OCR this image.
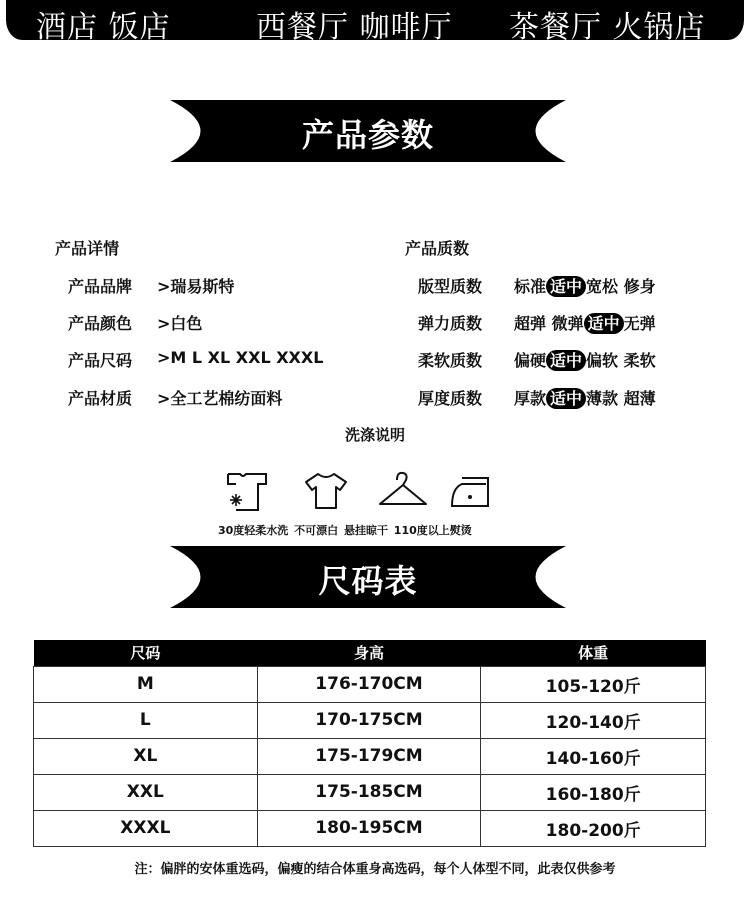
酒店 饭店	西餐厅 咖啡厅 茶餐厅 火锅店
产品参数
产品详情
产品品牌 >瑞易斯特
产品颜色 >白色
产品尺码 >M L XL XXL XXXL
产品材质 >全工艺棉纺面料
产品质数
版型质数 标准 适中 宽松 修身
弹力质数 超弹 微弹 适中 无弹
柔软质数 偏硬 适中 偏软 柔软
厚度质数 厚款 适中 薄款 超薄
洗涤说明
30度轻柔水洗 不可漂白 悬挂晾干 110度以上熨烫
尺码表
尺码	身高	体重
M	176-170CM	105-120斤
L	170-175CM	120-140斤
XL	175-179CM	140-160斤
XXL	175-185CM	160-180斤
XXXL	180-195CM	180-200斤
注：偏胖的安体重选码，偏瘦的结合体重身高选码，每个人体型不同，此表仅供参考
